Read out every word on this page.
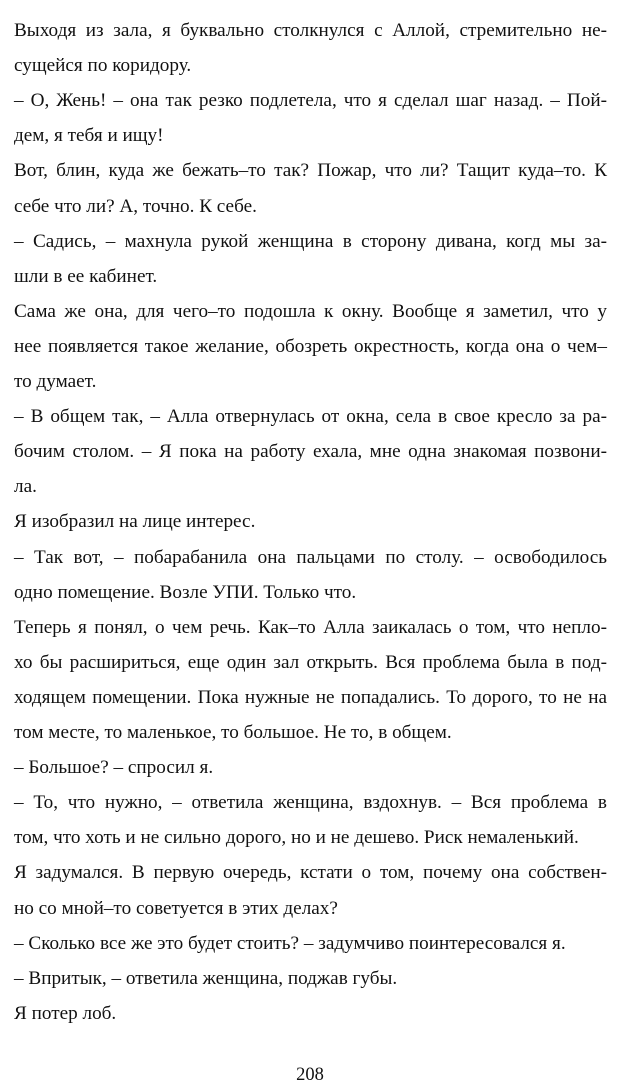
Выходя из зала, я буквально столкнулся с Аллой, стремительно не-
сущейся по коридору.
– О, Жень! – она так резко подлетела, что я сделал шаг назад. – Пой-
дем, я тебя и ищу!
Вот, блин, куда же бежать–то так? Пожар, что ли? Тащит куда–то. К
себе что ли? А, точно. К себе.
– Садись, – махнула рукой женщина в сторону дивана, когд мы за-
шли в ее кабинет.
Сама же она, для чего–то подошла к окну. Вообще я заметил, что у
нее появляется такое желание, обозреть окрестность, когда она о чем–
то думает.
– В общем так, – Алла отвернулась от окна, села в свое кресло за ра-
бочим столом. – Я пока на работу ехала, мне одна знакомая позвони-
ла.
Я изобразил на лице интерес.
– Так вот, – побарабанила она пальцами по столу. – освободилось
одно помещение. Возле УПИ. Только что.
Теперь я понял, о чем речь. Как–то Алла заикалась о том, что непло-
хо бы расшириться, еще один зал открыть. Вся проблема была в под-
ходящем помещении. Пока нужные не попадались. То дорого, то не на
том месте, то маленькое, то большое. Не то, в общем.
– Большое? – спросил я.
– То, что нужно, – ответила женщина, вздохнув. – Вся проблема в
том, что хоть и не сильно дорого, но и не дешево. Риск немаленький.
Я задумался. В первую очередь, кстати о том, почему она собствен-
но со мной–то советуется в этих делах?
– Сколько все же это будет стоить? – задумчиво поинтересовался я.
– Впритык, – ответила женщина, поджав губы.
Я потер лоб.
208
